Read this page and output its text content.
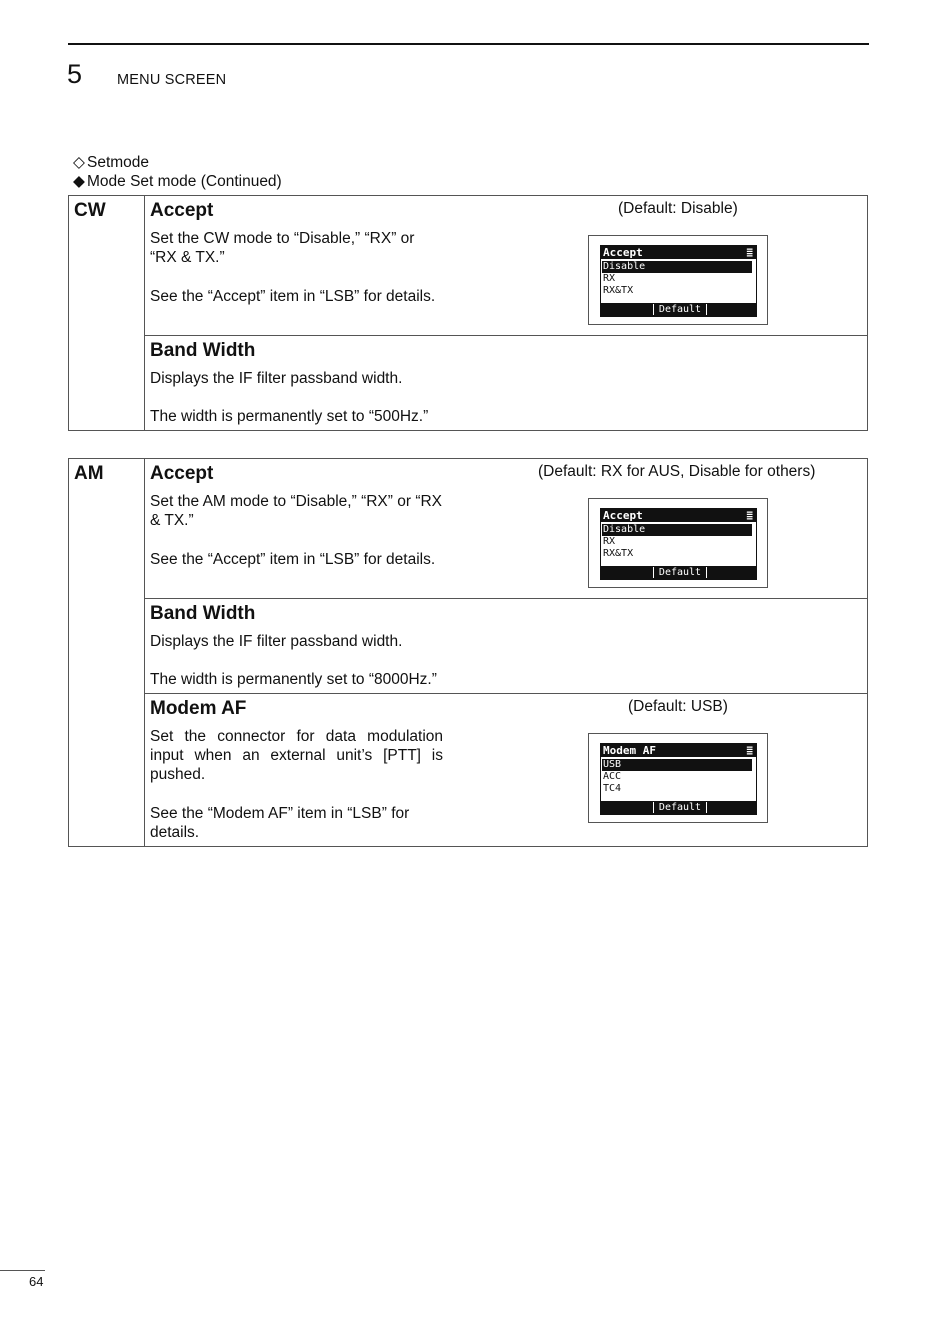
5 MENU SCREEN
◇ Setmode
◆ Mode Set mode (Continued)
CW Accept	(Default: Disable)

Set the CW mode to “Disable,” “RX” or “RX & TX.”

See the “Accept” item in “LSB” for details.

Accept	≣
Disable
RX
RX&TX
Default
Band Width

Displays the IF filter passband width.

The width is permanently set to “500Hz.”

AM Accept	(Default: RX for AUS, Disable for others)

Set the AM mode to “Disable,” “RX” or “RX & TX.”

See the “Accept” item in “LSB” for details.

Accept	≣
Disable
RX
RX&TX
Default
Band Width

Displays the IF filter passband width.

The width is permanently set to “8000Hz.”

Modem AF	(Default: USB)

Set the connector for data modulation input when an external unit’s [PTT] is pushed.

See the “Modem AF” item in “LSB” for details.

Modem AF	≣
USB
ACC
TC4
Default
64
